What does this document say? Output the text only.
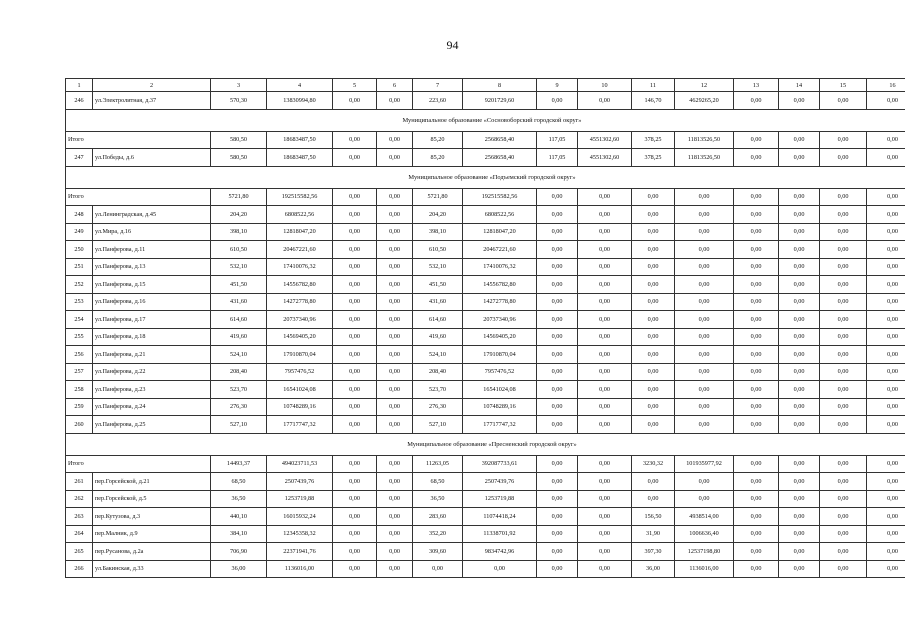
94
1	2	3	4	5	6	7	8	9	10	11	12	13	14	15	16
246	ул.Электролитная, д.37	570,30	13830994,80	0,00	0,00	223,60	9201729,60	0,00	0,00	146,70	4629265,20	0,00	0,00	0,00	0,00
Муниципальное образование «Сосновоборский городской округ»															
Итого		580,50	18683487,50	0,00	0,00	85,20	2568658,40	117,05	4551302,60	378,25	11813526,50	0,00	0,00	0,00	0,00
247	ул.Победы, д.6	580,50	18683487,50	0,00	0,00	85,20	2568658,40	117,05	4551302,60	378,25	11813526,50	0,00	0,00	0,00	0,00
Муниципальное образование «Подъемский городской округ»															
Итого		5721,80	192515582,56	0,00	0,00	5721,80	192515582,56	0,00	0,00	0,00	0,00	0,00	0,00	0,00	0,00
248	ул.Ленинградская, д.45	204,20	6808522,56	0,00	0,00	204,20	6808522,56	0,00	0,00	0,00	0,00	0,00	0,00	0,00	0,00
249	ул.Мира, д.16	398,10	12818047,20	0,00	0,00	398,10	12818047,20	0,00	0,00	0,00	0,00	0,00	0,00	0,00	0,00
250	ул.Панферова, д.11	610,50	20467221,60	0,00	0,00	610,50	20467221,60	0,00	0,00	0,00	0,00	0,00	0,00	0,00	0,00
251	ул.Панферова, д.13	532,10	17410076,32	0,00	0,00	532,10	17410076,32	0,00	0,00	0,00	0,00	0,00	0,00	0,00	0,00
252	ул.Панферова, д.15	451,50	14556782,80	0,00	0,00	451,50	14556782,80	0,00	0,00	0,00	0,00	0,00	0,00	0,00	0,00
253	ул.Панферова, д.16	431,60	14272778,80	0,00	0,00	431,60	14272778,80	0,00	0,00	0,00	0,00	0,00	0,00	0,00	0,00
254	ул.Панферова, д.17	614,60	20737340,96	0,00	0,00	614,60	20737340,96	0,00	0,00	0,00	0,00	0,00	0,00	0,00	0,00
255	ул.Панферова, д.18	419,60	14569405,20	0,00	0,00	419,60	14569405,20	0,00	0,00	0,00	0,00	0,00	0,00	0,00	0,00
256	ул.Панферова, д.21	524,10	17910870,04	0,00	0,00	524,10	17910870,04	0,00	0,00	0,00	0,00	0,00	0,00	0,00	0,00
257	ул.Панферова, д.22	208,40	7957476,52	0,00	0,00	208,40	7957476,52	0,00	0,00	0,00	0,00	0,00	0,00	0,00	0,00
258	ул.Панферова, д.23	523,70	16541024,08	0,00	0,00	523,70	16541024,08	0,00	0,00	0,00	0,00	0,00	0,00	0,00	0,00
259	ул.Панферова, д.24	276,30	10748289,16	0,00	0,00	276,30	10748289,16	0,00	0,00	0,00	0,00	0,00	0,00	0,00	0,00
260	ул.Панферова, д.25	527,10	17717747,32	0,00	0,00	527,10	17717747,32	0,00	0,00	0,00	0,00	0,00	0,00	0,00	0,00
Муниципальное образование «Пресненский городской округ»															
Итого		14493,37	494023711,53	0,00	0,00	11263,05	392087733,61	0,00	0,00	3230,32	101935977,92	0,00	0,00	0,00	0,00
261	пер.Горсейской, д.21	68,50	2507439,76	0,00	0,00	68,50	2507439,76	0,00	0,00	0,00	0,00	0,00	0,00	0,00	0,00
262	пер.Горсейской, д.5	36,50	1253719,88	0,00	0,00	36,50	1253719,88	0,00	0,00	0,00	0,00	0,00	0,00	0,00	0,00
263	пер.Кутузова, д.3	440,10	16015932,24	0,00	0,00	283,60	11074418,24	0,00	0,00	156,50	4938514,00	0,00	0,00	0,00	0,00
264	пер.Малник, д.9	384,10	12345358,32	0,00	0,00	352,20	11338701,92	0,00	0,00	31,90	1006636,40	0,00	0,00	0,00	0,00
265	пер.Русанова, д.2а	706,90	22371941,76	0,00	0,00	309,60	9834742,96	0,00	0,00	397,30	12537198,80	0,00	0,00	0,00	0,00
266	ул.Бакинская, д.33	36,00	1136016,00	0,00	0,00	0,00	0,00	0,00	0,00	36,00	1136016,00	0,00	0,00	0,00	0,00
